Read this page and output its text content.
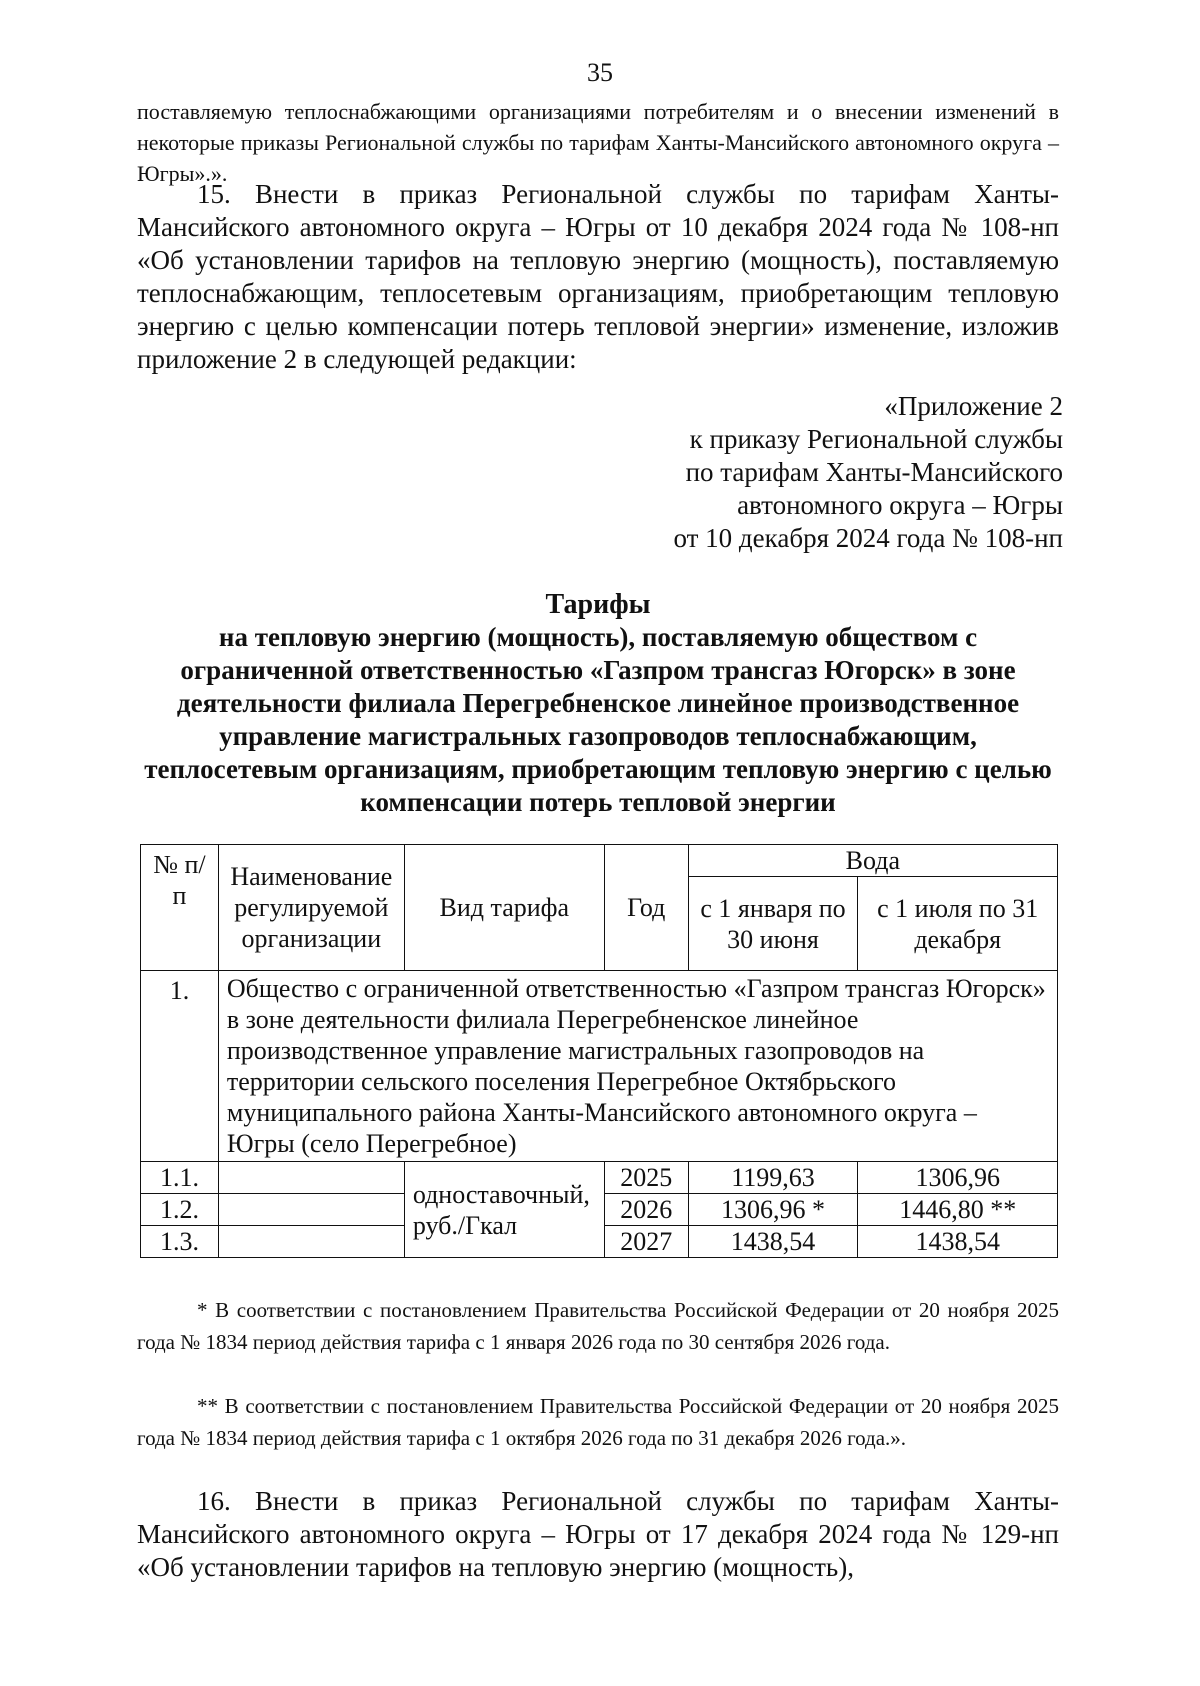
35
поставляемую теплоснабжающими организациями потребителям и о внесении изменений в некоторые приказы Региональной службы по тарифам Ханты-Мансийского автономного округа – Югры».».
15. Внести в приказ Региональной службы по тарифам Ханты-Мансийского автономного округа – Югры от 10 декабря 2024 года № 108-нп «Об установлении тарифов на тепловую энергию (мощность), поставляемую теплоснабжающим, теплосетевым организациям, приобретающим тепловую энергию с целью компенсации потерь тепловой энергии» изменение, изложив приложение 2 в следующей редакции:
«Приложение 2
к приказу Региональной службы
по тарифам Ханты-Мансийского
автономного округа – Югры
от 10 декабря 2024 года № 108-нп
Тарифы
на тепловую энергию (мощность), поставляемую обществом с ограниченной ответственностью «Газпром трансгаз Югорск» в зоне деятельности филиала Перегребненское линейное производственное управление магистральных газопроводов теплоснабжающим, теплосетевым организациям, приобретающим тепловую энергию с целью компенсации потерь тепловой энергии
№ п/п	Наименование регулируемой организации	Вид тарифа	Год	Вода	
				с 1 января по 30 июня	с 1 июля по 31 декабря
1.	Общество с ограниченной ответственностью «Газпром трансгаз Югорск» в зоне деятельности филиала Перегребненское линейное производственное управление магистральных газопроводов на территории сельского поселения Перегребное Октябрьского муниципального района Ханты-Мансийского автономного округа – Югры (село Перегребное)				
1.1.		одноставочный, руб./Гкал	2025	1199,63	1306,96
1.2.			2026	1306,96 *	1446,80 **
1.3.			2027	1438,54	1438,54
* В соответствии с постановлением Правительства Российской Федерации от 20 ноября 2025 года № 1834 период действия тарифа с 1 января 2026 года по 30 сентября 2026 года.
** В соответствии с постановлением Правительства Российской Федерации от 20 ноября 2025 года № 1834 период действия тарифа с 1 октября 2026 года по 31 декабря 2026 года.».
16. Внести в приказ Региональной службы по тарифам Ханты-Мансийского автономного округа – Югры от 17 декабря 2024 года № 129-нп «Об установлении тарифов на тепловую энергию (мощность),
